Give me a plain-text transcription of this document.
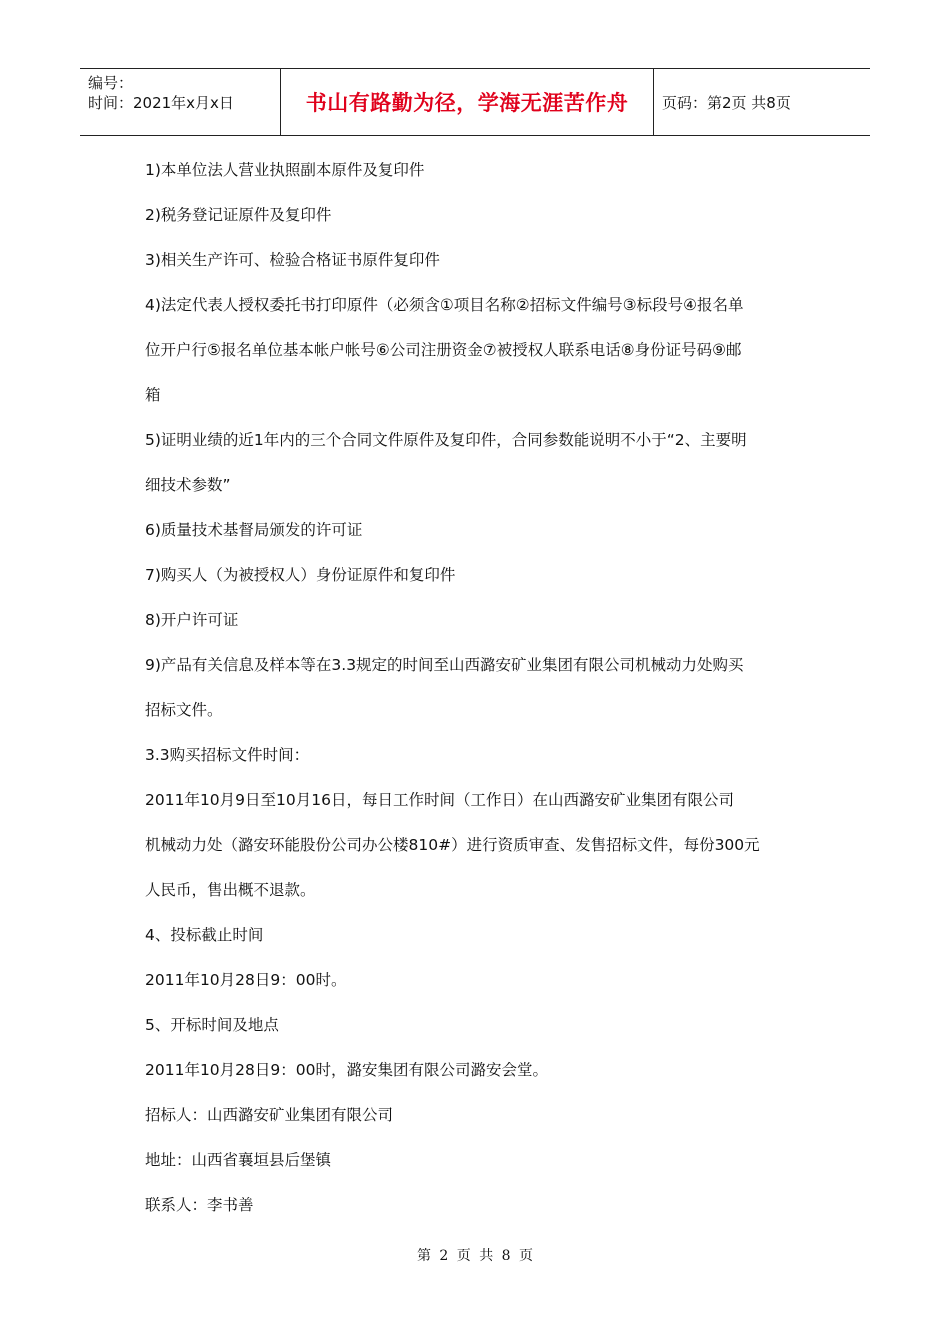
编号：
时间：2021年x月x日	书山有路勤为径，学海无涯苦作舟	页码：第2页 共8页

1)本单位法人营业执照副本原件及复印件

2)税务登记证原件及复印件

3)相关生产许可、检验合格证书原件复印件

4)法定代表人授权委托书打印原件（必须含①项目名称②招标文件编号③标段号④报名单

位开户行⑤报名单位基本帐户帐号⑥公司注册资金⑦被授权人联系电话⑧身份证号码⑨邮

箱

5)证明业绩的近1年内的三个合同文件原件及复印件，合同参数能说明不小于“2、主要明

细技术参数”

6)质量技术基督局颁发的许可证

7)购买人（为被授权人）身份证原件和复印件

8)开户许可证

9)产品有关信息及样本等在3.3规定的时间至山西潞安矿业集团有限公司机械动力处购买

招标文件。

3.3购买招标文件时间：

2011年10月9日至10月16日，每日工作时间（工作日）在山西潞安矿业集团有限公司

机械动力处（潞安环能股份公司办公楼810#）进行资质审查、发售招标文件，每份300元

人民币，售出概不退款。

4、投标截止时间

2011年10月28日9：00时。

5、开标时间及地点

2011年10月28日9：00时，潞安集团有限公司潞安会堂。

招标人：山西潞安矿业集团有限公司

地址：山西省襄垣县后堡镇

联系人：李书善

第 2 页 共 8 页
